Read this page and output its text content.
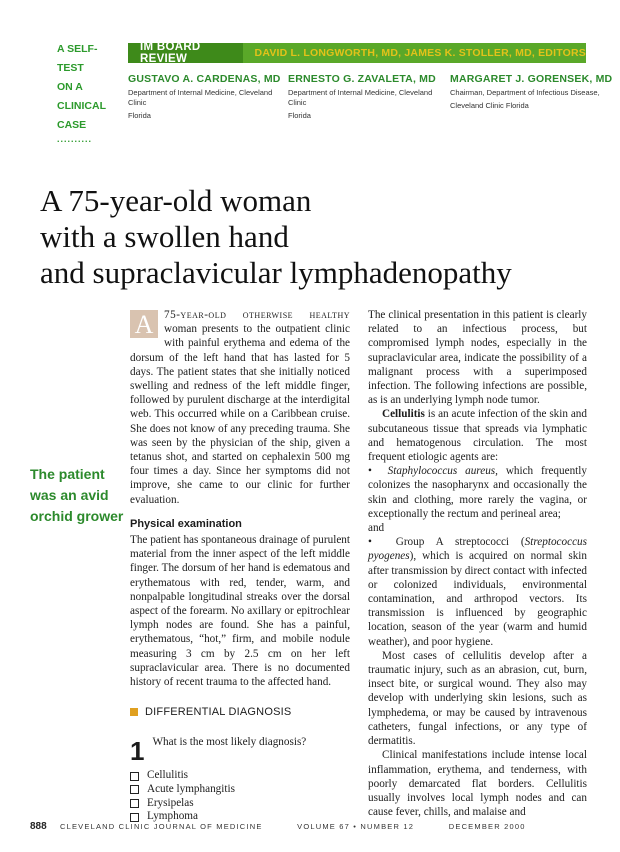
A SELF-TEST
ON A
CLINICAL
CASE
..........
IM BOARD REVIEW	DAVID L. LONGWORTH, MD, JAMES K. STOLLER, MD, EDITORS
GUSTAVO A. CARDENAS, MD
Department of Internal Medicine, Cleveland Clinic
Florida
ERNESTO G. ZAVALETA, MD
Department of Internal Medicine, Cleveland Clinic
Florida
MARGARET J. GORENSEK, MD
Chairman, Department of Infectious Disease,
Cleveland Clinic Florida
A 75-year-old woman
with a swollen hand
and supraclavicular lymphadenopathy
The patient was an avid orchid grower

A 75-year-old otherwise healthy woman presents to the outpatient clinic with painful erythema and edema of the dorsum of the left hand that has lasted for 5 days. The patient states that she initially noticed swelling and redness of the left middle finger, followed by purulent discharge at the interdigital web. This occurred while on a Caribbean cruise. She does not know of any preceding trauma. She was seen by the physician of the ship, given a tetanus shot, and started on cephalexin 500 mg four times a day. Since her symptoms did not improve, she came to our clinic for further evaluation.

Physical examination

The patient has spontaneous drainage of purulent material from the inner aspect of the left middle finger. The dorsum of her hand is edematous and erythematous with red, tender, warm, and nonpalpable longitudinal streaks over the dorsal aspect of the forearm. No axillary or epitrochlear lymph nodes are found. She has a painful, erythematous, “hot,” firm, and mobile nodule measuring 3 cm by 2.5 cm on her left supraclavicular area. There is no documented history of recent trauma to the affected hand.

DIFFERENTIAL DIAGNOSIS
1 What is the most likely diagnosis?
Cellulitis
Acute lymphangitis
Erysipelas
Lymphoma

The clinical presentation in this patient is clearly related to an infectious process, but compromised lymph nodes, especially in the supraclavicular area, indicate the possibility of a malignant process with a superimposed infection. The following infections are possible, as is an underlying lymph node tumor.

Cellulitis is an acute infection of the skin and subcutaneous tissue that spreads via lymphatic and hematogenous circulation. The most frequent etiologic agents are:

•  Staphylococcus aureus, which frequently colonizes the nasopharynx and occasionally the skin and clothing, more rarely the vagina, or exceptionally the rectum and perineal area;

and

•  Group A streptococci (Streptococcus pyogenes), which is acquired on normal skin after transmission by direct contact with infected or colonized individuals, environmental contamination, and arthropod vectors. Its transmission is influenced by geographic location, season of the year (warm and humid weather), and poor hygiene.

Most cases of cellulitis develop after a traumatic injury, such as an abrasion, cut, burn, insect bite, or surgical wound. They also may develop with underlying skin lesions, such as lymphedema, or may be caused by intravenous catheters, fungal infections, or any type of dermatitis.

Clinical manifestations include intense local inflammation, erythema, and tenderness, with poorly demarcated flat borders. Cellulitis usually involves local lymph nodes and can cause fever, chills, and malaise and

888 CLEVELAND CLINIC JOURNAL OF MEDICINE	VOLUME 67 • NUMBER 12	DECEMBER 2000
